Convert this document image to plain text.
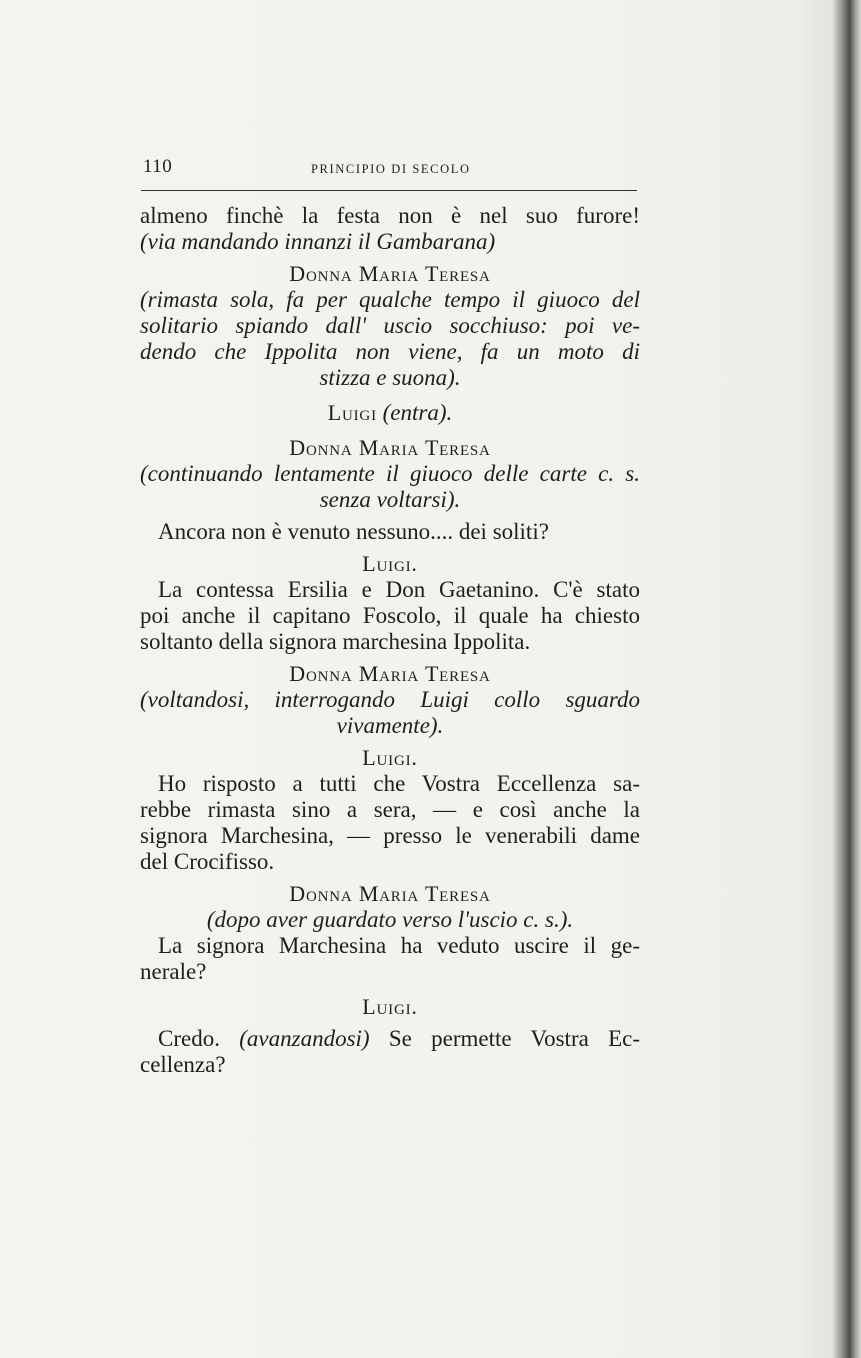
110	PRINCIPIO DI SECOLO
almeno finchè la festa non è nel suo furore!
(via mandando innanzi il Gambarana)
Donna Maria Teresa
(rimasta sola, fa per qualche tempo il giuoco del
solitario spiando dall' uscio socchiuso: poi ve-
dendo che Ippolita non viene, fa un moto di
stizza e suona).
Luigi (entra).
Donna Maria Teresa
(continuando lentamente il giuoco delle carte c. s.
senza voltarsi).
Ancora non è venuto nessuno.... dei soliti?
Luigi.
La contessa Ersilia e Don Gaetanino. C'è stato
poi anche il capitano Foscolo, il quale ha chiesto
soltanto della signora marchesina Ippolita.
Donna Maria Teresa
(voltandosi, interrogando Luigi collo sguardo
vivamente).
Luigi.
Ho risposto a tutti che Vostra Eccellenza sa-
rebbe rimasta sino a sera, — e così anche la
signora Marchesina, — presso le venerabili dame
del Crocifisso.
Donna Maria Teresa
(dopo aver guardato verso l'uscio c. s.).
La signora Marchesina ha veduto uscire il ge-
nerale?
Luigi.
Credo. (avanzandosi) Se permette Vostra Ec-
cellenza?
